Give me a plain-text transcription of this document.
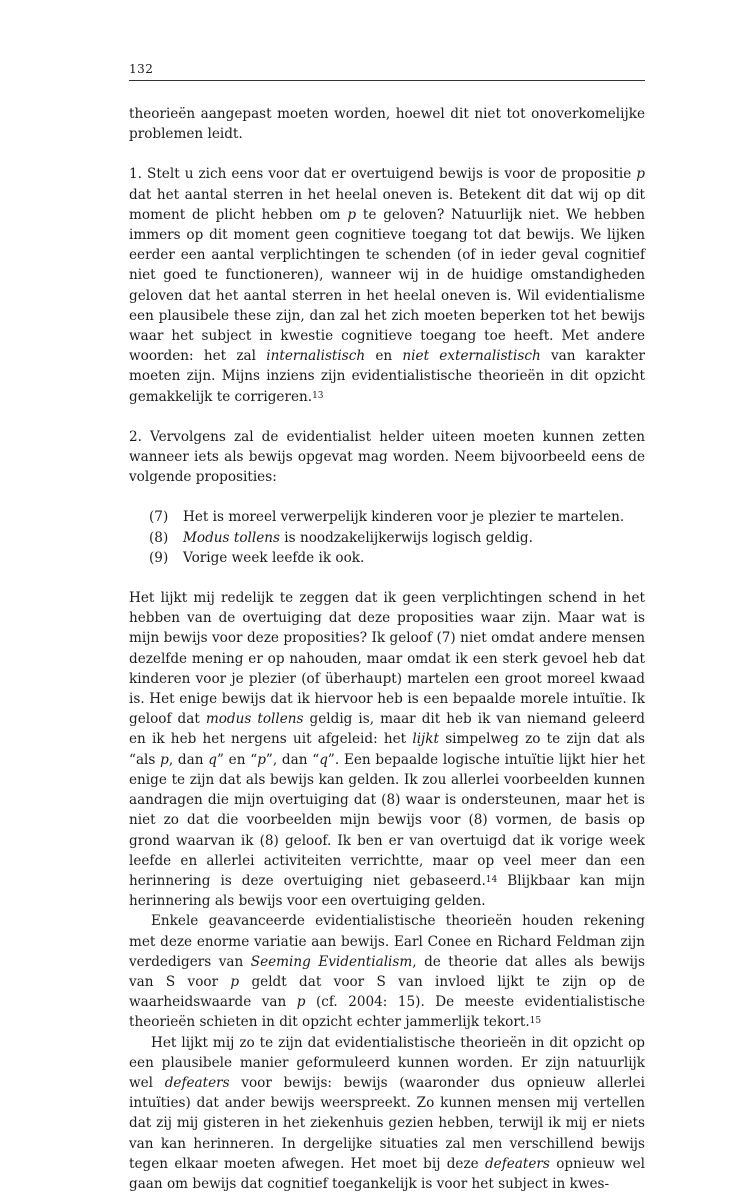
132

theorieën aangepast moeten worden, hoewel dit niet tot onoverkomelijke problemen leidt.

1. Stelt u zich eens voor dat er overtuigend bewijs is voor de propositie p dat het aantal sterren in het heelal oneven is. Betekent dit dat wij op dit moment de plicht hebben om p te geloven? Natuurlijk niet. We hebben immers op dit moment geen cognitieve toegang tot dat bewijs. We lijken eerder een aantal verplichtingen te schenden (of in ieder geval cognitief niet goed te functioneren), wanneer wij in de huidige omstandigheden geloven dat het aantal sterren in het heelal oneven is. Wil evidentialisme een plausibele these zijn, dan zal het zich moeten beperken tot het bewijs waar het subject in kwestie cognitieve toegang toe heeft. Met andere woorden: het zal internalistisch en niet externalistisch van karakter moeten zijn. Mijns inziens zijn evidentialistische theorieën in dit opzicht gemakkelijk te corrigeren.$^{13}$

2. Vervolgens zal de evidentialist helder uiteen moeten kunnen zetten wanneer iets als bewijs opgevat mag worden. Neem bijvoorbeeld eens de volgende proposities:

(7)	Het is moreel verwerpelijk kinderen voor je plezier te martelen.
(8)	Modus tollens is noodzakelijkerwijs logisch geldig.
(9)	Vorige week leefde ik ook.

Het lijkt mij redelijk te zeggen dat ik geen verplichtingen schend in het hebben van de overtuiging dat deze proposities waar zijn. Maar wat is mijn bewijs voor deze proposities? Ik geloof (7) niet omdat andere mensen dezelfde mening er op nahouden, maar omdat ik een sterk gevoel heb dat kinderen voor je plezier (of überhaupt) martelen een groot moreel kwaad is. Het enige bewijs dat ik hiervoor heb is een bepaalde morele intuïtie. Ik geloof dat modus tollens geldig is, maar dit heb ik van niemand geleerd en ik heb het nergens uit afgeleid: het lijkt simpelweg zo te zijn dat als “als p, dan q” en “p”, dan “q”. Een bepaalde logische intuïtie lijkt hier het enige te zijn dat als bewijs kan gelden. Ik zou allerlei voorbeelden kunnen aandragen die mijn overtuiging dat (8) waar is ondersteunen, maar het is niet zo dat die voorbeelden mijn bewijs voor (8) vormen, de basis op grond waarvan ik (8) geloof. Ik ben er van overtuigd dat ik vorige week leefde en allerlei activiteiten verrichtte, maar op veel meer dan een herinnering is deze overtuiging niet gebaseerd.$^{14}$ Blijkbaar kan mijn herinnering als bewijs voor een overtuiging gelden.

Enkele geavanceerde evidentialistische theorieën houden rekening met deze enorme variatie aan bewijs. Earl Conee en Richard Feldman zijn verdedigers van Seeming Evidentialism, de theorie dat alles als bewijs van S voor p geldt dat voor S van invloed lijkt te zijn op de waarheidswaarde van p (cf. 2004: 15). De meeste evidentialistische theorieën schieten in dit opzicht echter jammerlijk tekort.$^{15}$

Het lijkt mij zo te zijn dat evidentialistische theorieën in dit opzicht op een plausibele manier geformuleerd kunnen worden. Er zijn natuurlijk wel defeaters voor bewijs: bewijs (waaronder dus opnieuw allerlei intuïties) dat ander bewijs weerspreekt. Zo kunnen mensen mij vertellen dat zij mij gisteren in het ziekenhuis gezien hebben, terwijl ik mij er niets van kan herinneren. In dergelijke situaties zal men verschillend bewijs tegen elkaar moeten afwegen. Het moet bij deze defeaters opnieuw wel gaan om bewijs dat cognitief toegankelijk is voor het subject in kwes-
